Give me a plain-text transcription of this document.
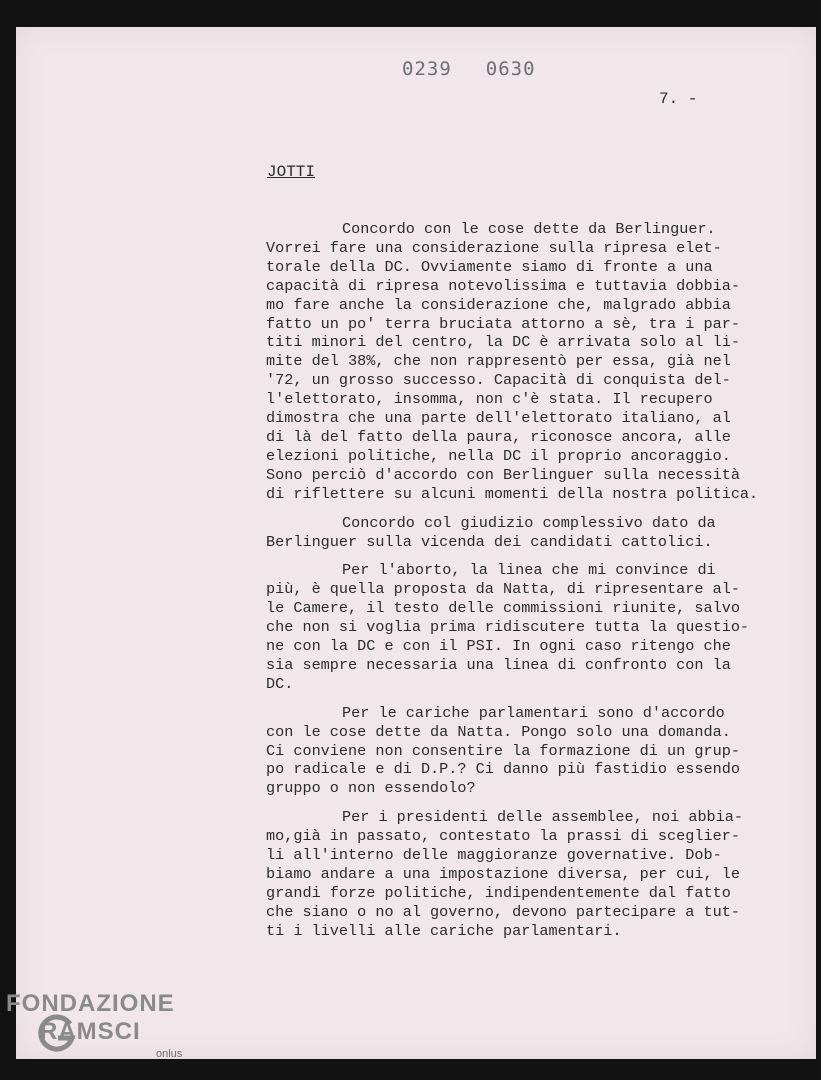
0239 0630

7. -

JOTTI

Concordo con le cose dette da Berlinguer.
Vorrei fare una considerazione sulla ripresa elet-
torale della DC. Ovviamente siamo di fronte a una
capacità di ripresa notevolissima e tuttavia dobbia-
mo fare anche la considerazione che, malgrado abbia
fatto un po' terra bruciata attorno a sè, tra i par-
titi minori del centro, la DC è arrivata solo al li-
mite del 38%, che non rappresentò per essa, già nel
'72, un grosso successo. Capacità di conquista del-
l'elettorato, insomma, non c'è stata. Il recupero
dimostra che una parte dell'elettorato italiano, al
di là del fatto della paura, riconosce ancora, alle
elezioni politiche, nella DC il proprio ancoraggio.
Sono perciò d'accordo con Berlinguer sulla necessità
di riflettere su alcuni momenti della nostra politica.
Concordo col giudizio complessivo dato da
Berlinguer sulla vicenda dei candidati cattolici.
Per l'aborto, la linea che mi convince di
più, è quella proposta da Natta, di ripresentare al-
le Camere, il testo delle commissioni riunite, salvo
che non si voglia prima ridiscutere tutta la questio-
ne con la DC e con il PSI. In ogni caso ritengo che
sia sempre necessaria una linea di confronto con la
DC.
Per le cariche parlamentari sono d'accordo
con le cose dette da Natta. Pongo solo una domanda.
Ci conviene non consentire la formazione di un grup-
po radicale e di D.P.? Ci danno più fastidio essendo
gruppo o non essendolo?
Per i presidenti delle assemblee, noi abbia-
mo,già in passato, contestato la prassi di sceglier-
li all'interno delle maggioranze governative. Dob-
biamo andare a una impostazione diversa, per cui, le
grandi forze politiche, indipendentemente dal fatto
che siano o no al governo, devono partecipare a tut-
ti i livelli alle cariche parlamentari.
FONDAZIONE
RAMSCI
onlus
